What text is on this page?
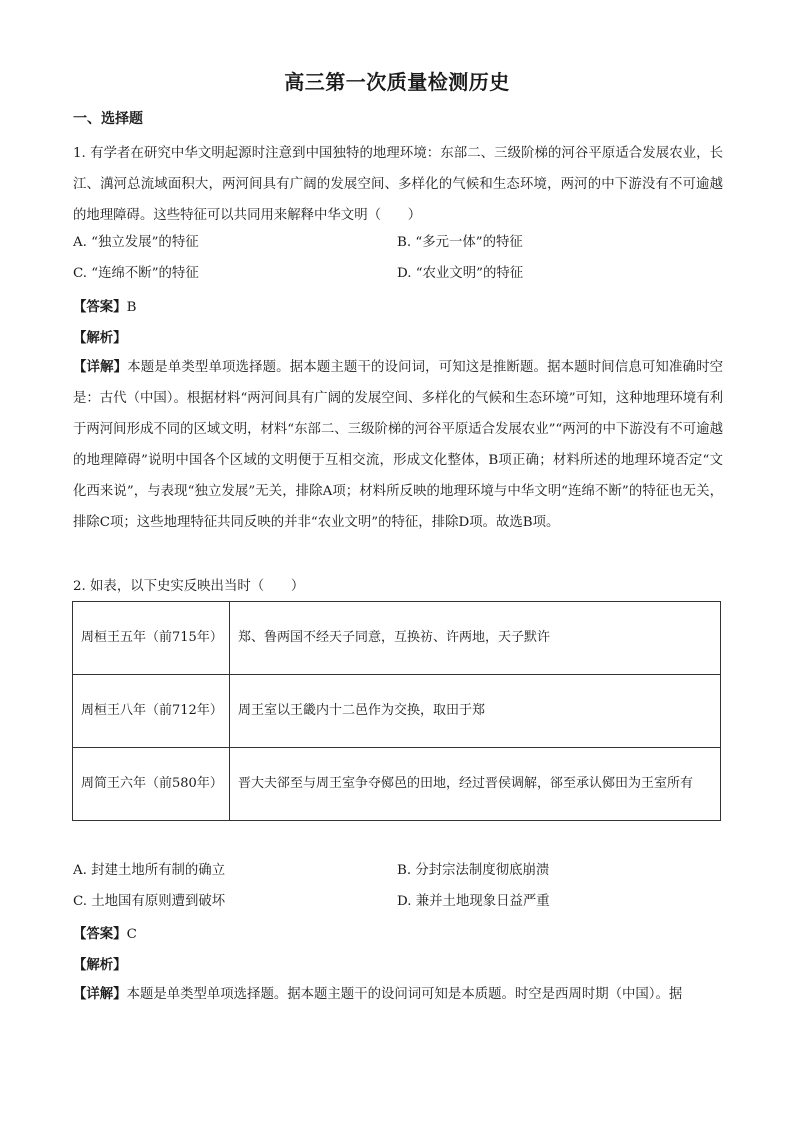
高三第一次质量检测历史
一、选择题
1. 有学者在研究中华文明起源时注意到中国独特的地理环境：东部二、三级阶梯的河谷平原适合发展农业，长江、澫河总流域面积大，两河间具有广阔的发展空间、多样化的气候和生态环境，两河的中下游没有不可逾越的地理障碍。这些特征可以共同用来解释中华文明（　　）
A. “独立发展”的特征	B. “多元一体”的特征
C. “连绵不断”的特征	D. “农业文明”的特征
【答案】B
【解析】
【详解】本题是单类型单项选择题。据本题主题干的设问词，可知这是推断题。据本题时间信息可知准确时空是：古代（中国）。根据材料“两河间具有广阔的发展空间、多样化的气候和生态环境”可知，这种地理环境有利于两河间形成不同的区域文明，材料“东部二、三级阶梯的河谷平原适合发展农业”“两河的中下游没有不可逾越的地理障碍”说明中国各个区域的文明便于互相交流，形成文化整体，B项正确；材料所述的地理环境否定“文化西来说”，与表现“独立发展”无关，排除A项；材料所反映的地理环境与中华文明“连绵不断”的特征也无关，排除C项；这些地理特征共同反映的并非“农业文明”的特征，排除D项。故选B项。
2. 如表，以下史实反映出当时（　　）
周桓王五年（前715年）	郑、鲁两国不经天子同意，互换祊、许两地，天子默许
周桓王八年（前712年）	周王室以王畿内十二邑作为交换，取田于郑
周简王六年（前580年）	晋大夫郤至与周王室争夺鄇邑的田地，经过晋侯调解，郤至承认鄇田为王室所有
A. 封建土地所有制的确立	B. 分封宗法制度彻底崩溃
C. 土地国有原则遭到破坏	D. 兼并土地现象日益严重
【答案】C
【解析】
【详解】本题是单类型单项选择题。据本题主题干的设问词可知是本质题。时空是西周时期（中国）。据
